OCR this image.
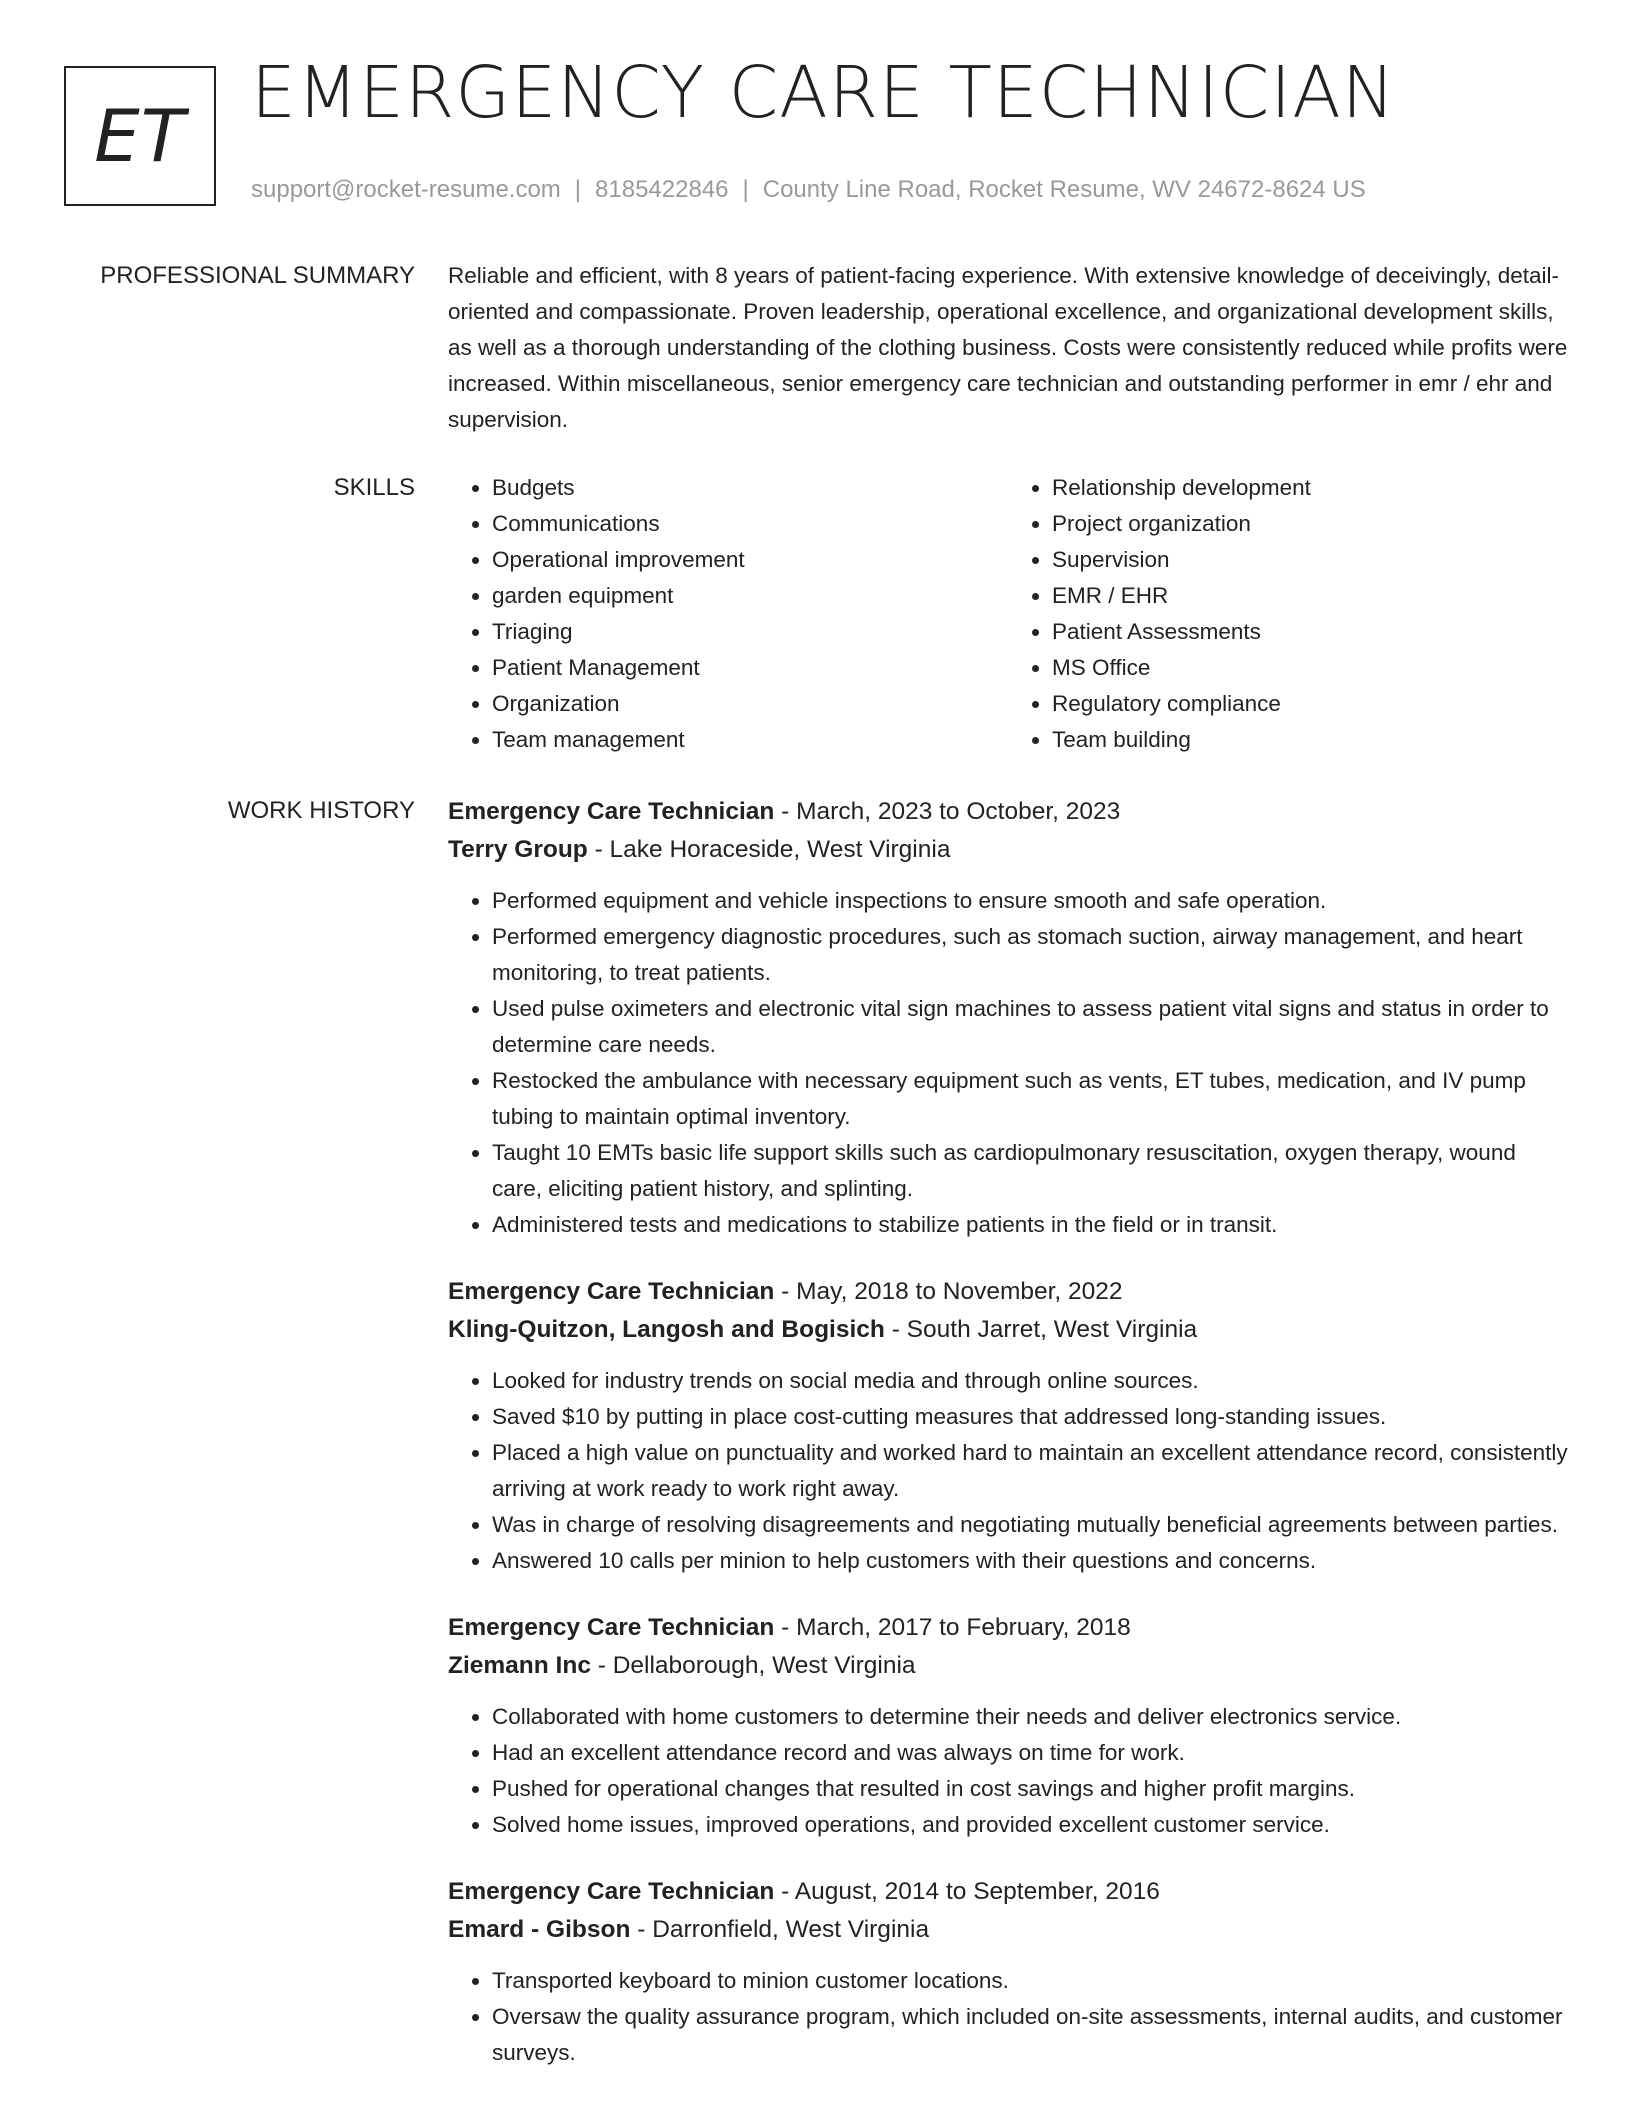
ET
EMERGENCY CARE TECHNICIAN
support@rocket-resume.com | 8185422846 | County Line Road, Rocket Resume, WV 24672-8624 US
PROFESSIONAL SUMMARY Reliable and efficient, with 8 years of patient-facing experience. With extensive knowledge of deceivingly, detail-oriented and compassionate. Proven leadership, operational excellence, and organizational development skills, as well as a thorough understanding of the clothing business. Costs were consistently reduced while profits were increased. Within miscellaneous, senior emergency care technician and outstanding performer in emr / ehr and supervision.

SKILLS
•	Budgets
• Communications
• Operational improvement
• garden equipment
• Triaging
• Patient Management
• Organization
• Team management
• Relationship development
• Project organization
• Supervision
• EMR / EHR
• Patient Assessments
• MS Office
• Regulatory compliance
• Team building
WORK HISTORY Emergency Care Technician - March, 2023 to October, 2023

Terry Group - Lake Horaceside, West Virginia

• Performed equipment and vehicle inspections to ensure smooth and safe operation.
• Performed emergency diagnostic procedures, such as stomach suction, airway management, and heart monitoring, to treat patients.
• Used pulse oximeters and electronic vital sign machines to assess patient vital signs and status in order to determine care needs.
• Restocked the ambulance with necessary equipment such as vents, ET tubes, medication, and IV pump tubing to maintain optimal inventory.
• Taught 10 EMTs basic life support skills such as cardiopulmonary resuscitation, oxygen therapy, wound care, eliciting patient history, and splinting.
• Administered tests and medications to stabilize patients in the field or in transit.

Emergency Care Technician - May, 2018 to November, 2022

Kling-Quitzon, Langosh and Bogisich - South Jarret, West Virginia

• Looked for industry trends on social media and through online sources.
• Saved $10 by putting in place cost-cutting measures that addressed long-standing issues.
• Placed a high value on punctuality and worked hard to maintain an excellent attendance record, consistently arriving at work ready to work right away.
• Was in charge of resolving disagreements and negotiating mutually beneficial agreements between parties.
• Answered 10 calls per minion to help customers with their questions and concerns.

Emergency Care Technician - March, 2017 to February, 2018

Ziemann Inc - Dellaborough, West Virginia

• Collaborated with home customers to determine their needs and deliver electronics service.
• Had an excellent attendance record and was always on time for work.
• Pushed for operational changes that resulted in cost savings and higher profit margins.
• Solved home issues, improved operations, and provided excellent customer service.

Emergency Care Technician - August, 2014 to September, 2016

Emard - Gibson - Darronfield, West Virginia

• Transported keyboard to minion customer locations.
• Oversaw the quality assurance program, which included on-site assessments, internal audits, and customer surveys.
